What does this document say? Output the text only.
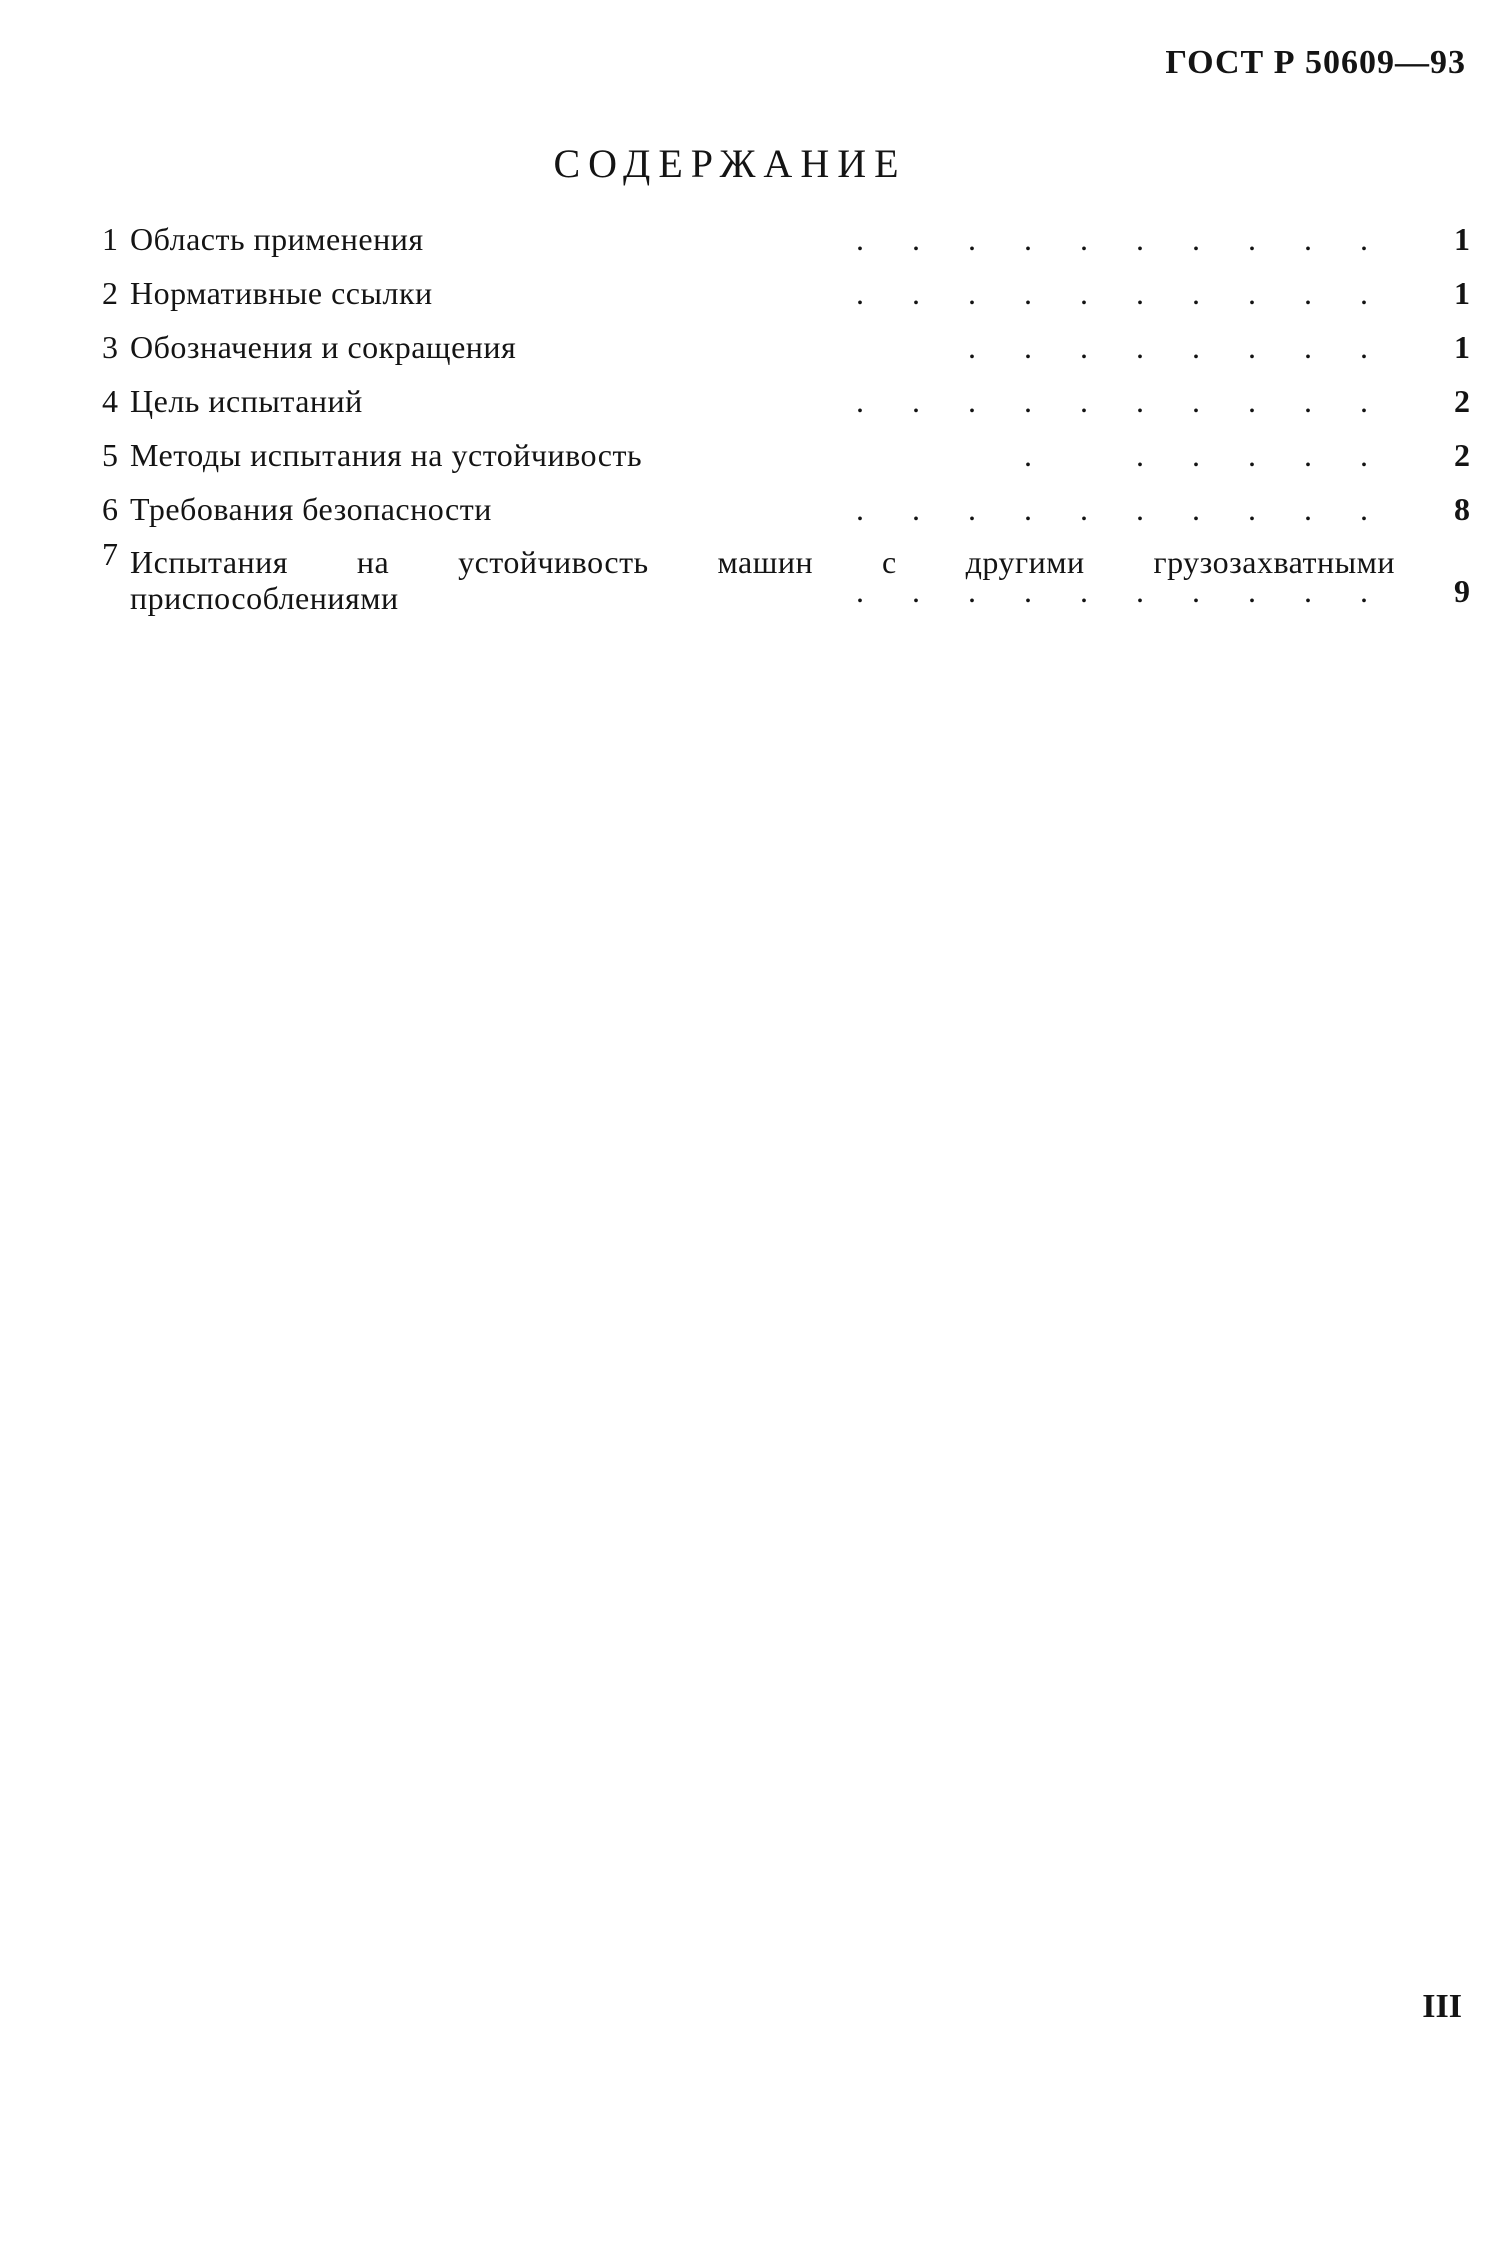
ГОСТ Р 50609—93
СОДЕРЖАНИЕ
1 Область применения	. . . . . . . . . .	1
2 Нормативные ссылки	. . . . . . . . . .	1
3 Обозначения и сокращения	. . . . . . . .	1
4 Цель испытаний	. . . . . . . . . .	2
5 Методы испытания на устойчивость	.	. . . . .	2
6 Требования безопасности	. . . . . . . . . .	8
7 Испытания на устойчивость машин с другими грузозахватными
приспособлениями	. . . . . . . . . .	9
III
